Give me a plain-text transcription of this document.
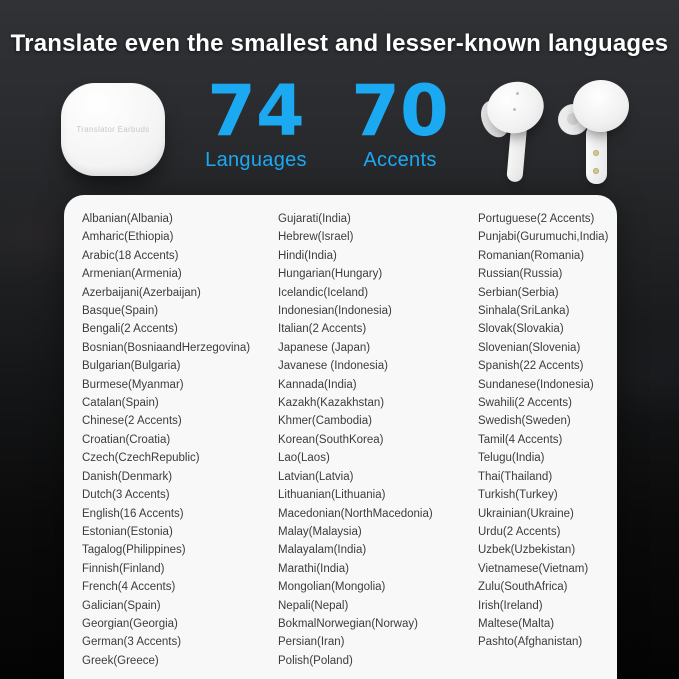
Translate even the smallest and lesser-known languages
Translator Earbuds 74
Languages
70
Accents
Albanian(Albania)
Amharic(Ethiopia)
Arabic(18 Accents)
Armenian(Armenia)
Azerbaijani(Azerbaijan)
Basque(Spain)
Bengali(2 Accents)
Bosnian(BosniaandHerzegovina)
Bulgarian(Bulgaria)
Burmese(Myanmar)
Catalan(Spain)
Chinese(2 Accents)
Croatian(Croatia)
Czech(CzechRepublic)
Danish(Denmark)
Dutch(3 Accents)
English(16 Accents)
Estonian(Estonia)
Tagalog(Philippines)
Finnish(Finland)
French(4 Accents)
Galician(Spain)
Georgian(Georgia)
German(3 Accents)
Greek(Greece)
Gujarati(India)
Hebrew(Israel)
Hindi(India)
Hungarian(Hungary)
Icelandic(Iceland)
Indonesian(Indonesia)
Italian(2 Accents)
Japanese (Japan)
Javanese (Indonesia)
Kannada(India)
Kazakh(Kazakhstan)
Khmer(Cambodia)
Korean(SouthKorea)
Lao(Laos)
Latvian(Latvia)
Lithuanian(Lithuania)
Macedonian(NorthMacedonia)
Malay(Malaysia)
Malayalam(India)
Marathi(India)
Mongolian(Mongolia)
Nepali(Nepal)
BokmalNorwegian(Norway)
Persian(Iran)
Polish(Poland)
Portuguese(2 Accents)
Punjabi(Gurumuchi,India)
Romanian(Romania)
Russian(Russia)
Serbian(Serbia)
Sinhala(SriLanka)
Slovak(Slovakia)
Slovenian(Slovenia)
Spanish(22 Accents)
Sundanese(Indonesia)
Swahili(2 Accents)
Swedish(Sweden)
Tamil(4 Accents)
Telugu(India)
Thai(Thailand)
Turkish(Turkey)
Ukrainian(Ukraine)
Urdu(2 Accents)
Uzbek(Uzbekistan)
Vietnamese(Vietnam)
Zulu(SouthAfrica)
Irish(Ireland)
Maltese(Malta)
Pashto(Afghanistan)
